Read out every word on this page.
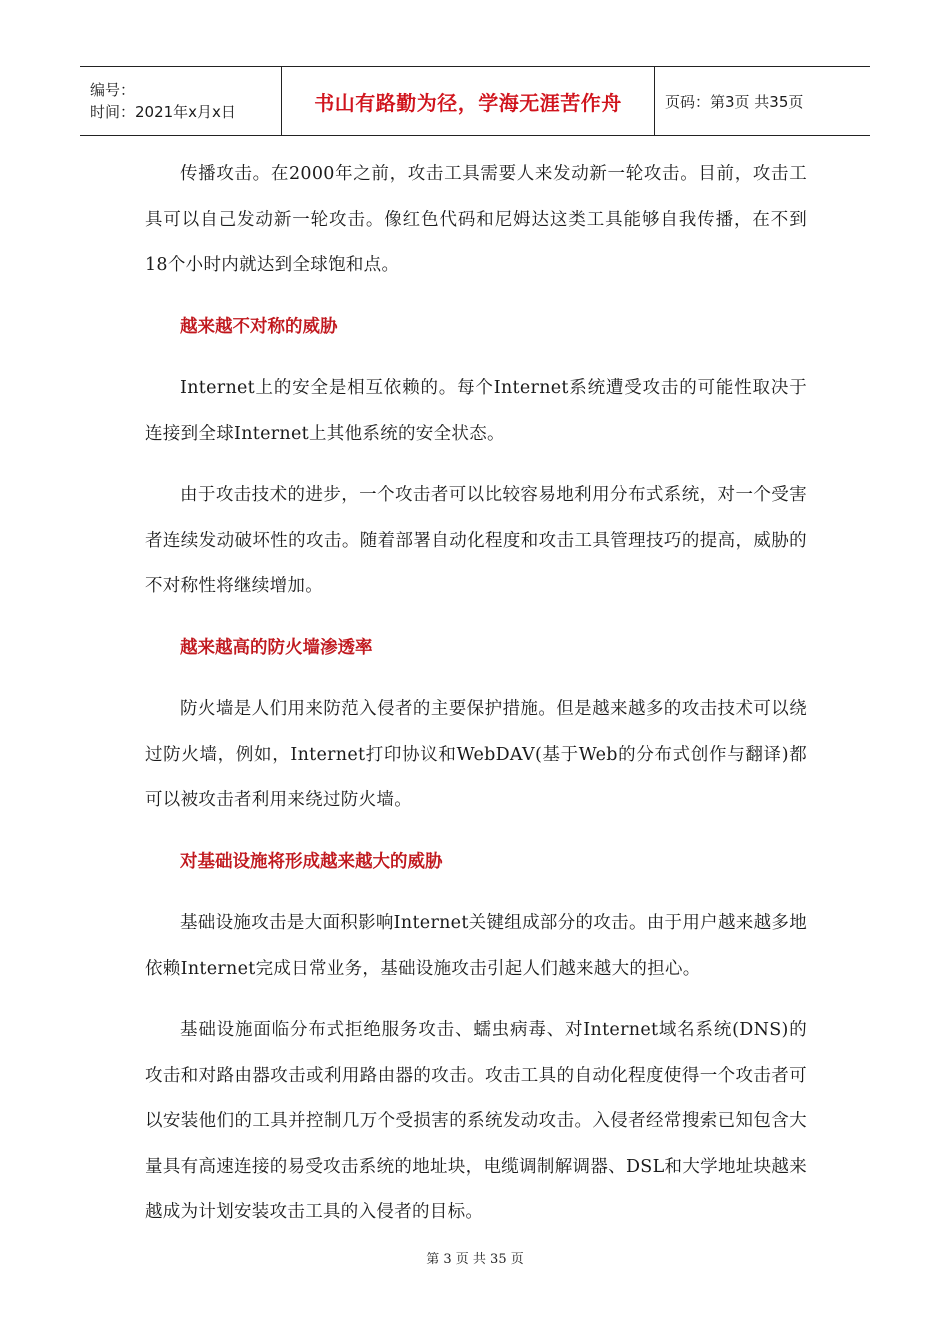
编号：
时间：2021年x月x日	书山有路勤为径，学海无涯苦作舟	页码：第3页 共35页

传播攻击。在2000年之前，攻击工具需要人来发动新一轮攻击。目前，攻击工具可以自己发动新一轮攻击。像红色代码和尼姆达这类工具能够自我传播，在不到18个小时内就达到全球饱和点。

越来越不对称的威胁

Internet上的安全是相互依赖的。每个Internet系统遭受攻击的可能性取决于连接到全球Internet上其他系统的安全状态。

由于攻击技术的进步，一个攻击者可以比较容易地利用分布式系统，对一个受害者连续发动破坏性的攻击。随着部署自动化程度和攻击工具管理技巧的提高，威胁的不对称性将继续增加。

越来越高的防火墙渗透率

防火墙是人们用来防范入侵者的主要保护措施。但是越来越多的攻击技术可以绕过防火墙，例如，Internet打印协议和WebDAV(基于Web的分布式创作与翻译)都可以被攻击者利用来绕过防火墙。

对基础设施将形成越来越大的威胁

基础设施攻击是大面积影响Internet关键组成部分的攻击。由于用户越来越多地依赖Internet完成日常业务，基础设施攻击引起人们越来越大的担心。

基础设施面临分布式拒绝服务攻击、蠕虫病毒、对Internet域名系统(DNS)的攻击和对路由器攻击或利用路由器的攻击。攻击工具的自动化程度使得一个攻击者可以安装他们的工具并控制几万个受损害的系统发动攻击。入侵者经常搜索已知包含大量具有高速连接的易受攻击系统的地址块，电缆调制解调器、DSL和大学地址块越来越成为计划安装攻击工具的入侵者的目标。

第 3 页 共 35 页
